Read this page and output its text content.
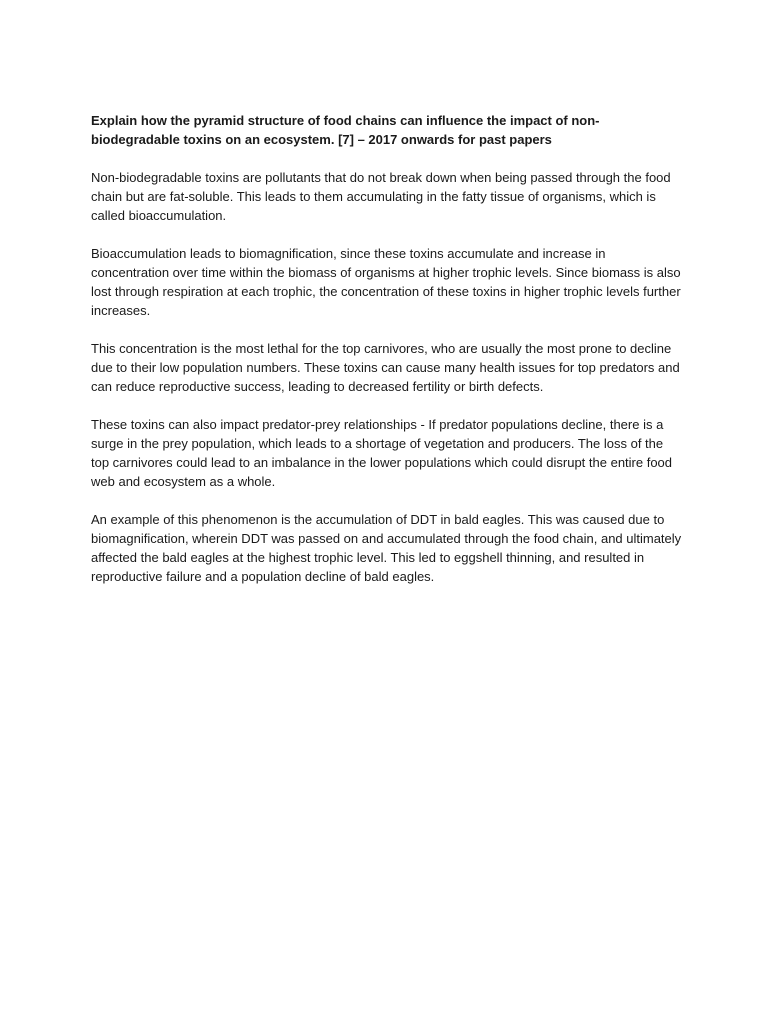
Explain how the pyramid structure of food chains can influence the impact of non-biodegradable toxins on an ecosystem. [7] – 2017 onwards for past papers

Non-biodegradable toxins are pollutants that do not break down when being passed through the food chain but are fat-soluble. This leads to them accumulating in the fatty tissue of organisms, which is called bioaccumulation.

Bioaccumulation leads to biomagnification, since these toxins accumulate and increase in concentration over time within the biomass of organisms at higher trophic levels. Since biomass is also lost through respiration at each trophic, the concentration of these toxins in higher trophic levels further increases.

This concentration is the most lethal for the top carnivores, who are usually the most prone to decline due to their low population numbers. These toxins can cause many health issues for top predators and can reduce reproductive success, leading to decreased fertility or birth defects.

These toxins can also impact predator-prey relationships - If predator populations decline, there is a surge in the prey population, which leads to a shortage of vegetation and producers. The loss of the top carnivores could lead to an imbalance in the lower populations which could disrupt the entire food web and ecosystem as a whole.

An example of this phenomenon is the accumulation of DDT in bald eagles. This was caused due to biomagnification, wherein DDT was passed on and accumulated through the food chain, and ultimately affected the bald eagles at the highest trophic level. This led to eggshell thinning, and resulted in reproductive failure and a population decline of bald eagles.
